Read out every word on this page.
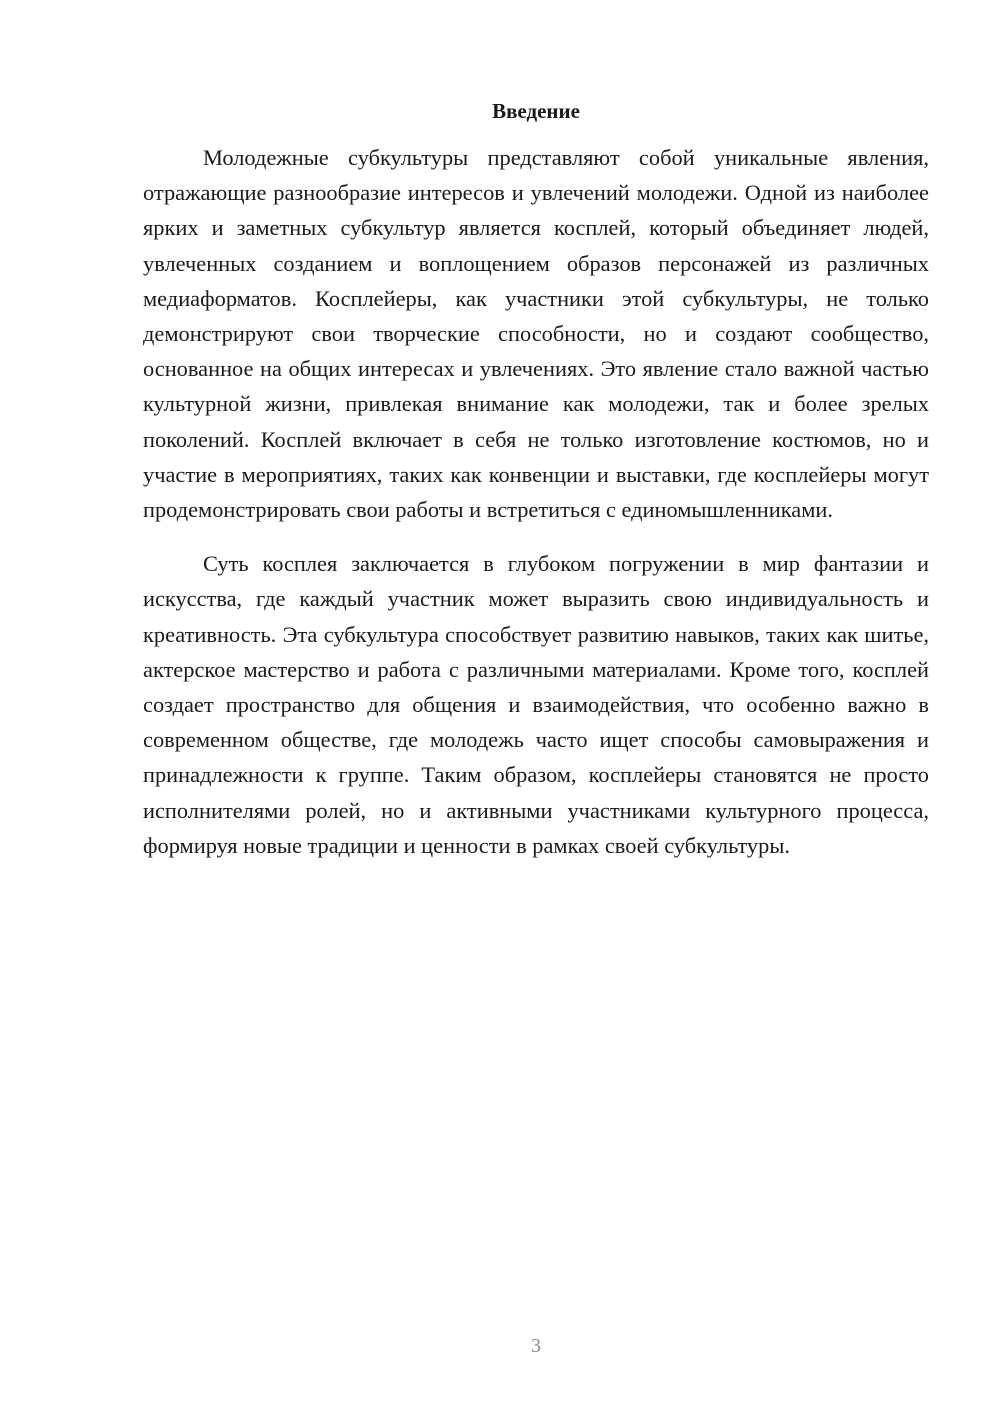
Введение

Молодежные субкультуры представляют собой уникальные явления, отражающие разнообразие интересов и увлечений молодежи. Одной из наиболее ярких и заметных субкультур является косплей, который объединяет людей, увлеченных созданием и воплощением образов персонажей из различных медиаформатов. Косплейеры, как участники этой субкультуры, не только демонстрируют свои творческие способности, но и создают сообщество, основанное на общих интересах и увлечениях. Это явление стало важной частью культурной жизни, привлекая внимание как молодежи, так и более зрелых поколений. Косплей включает в себя не только изготовление костюмов, но и участие в мероприятиях, таких как конвенции и выставки, где косплейеры могут продемонстрировать свои работы и встретиться с единомышленниками.

Суть косплея заключается в глубоком погружении в мир фантазии и искусства, где каждый участник может выразить свою индивидуальность и креативность. Эта субкультура способствует развитию навыков, таких как шитье, актерское мастерство и работа с различными материалами. Кроме того, косплей создает пространство для общения и взаимодействия, что особенно важно в современном обществе, где молодежь часто ищет способы самовыражения и принадлежности к группе. Таким образом, косплейеры становятся не просто исполнителями ролей, но и активными участниками культурного процесса, формируя новые традиции и ценности в рамках своей субкультуры.

3
